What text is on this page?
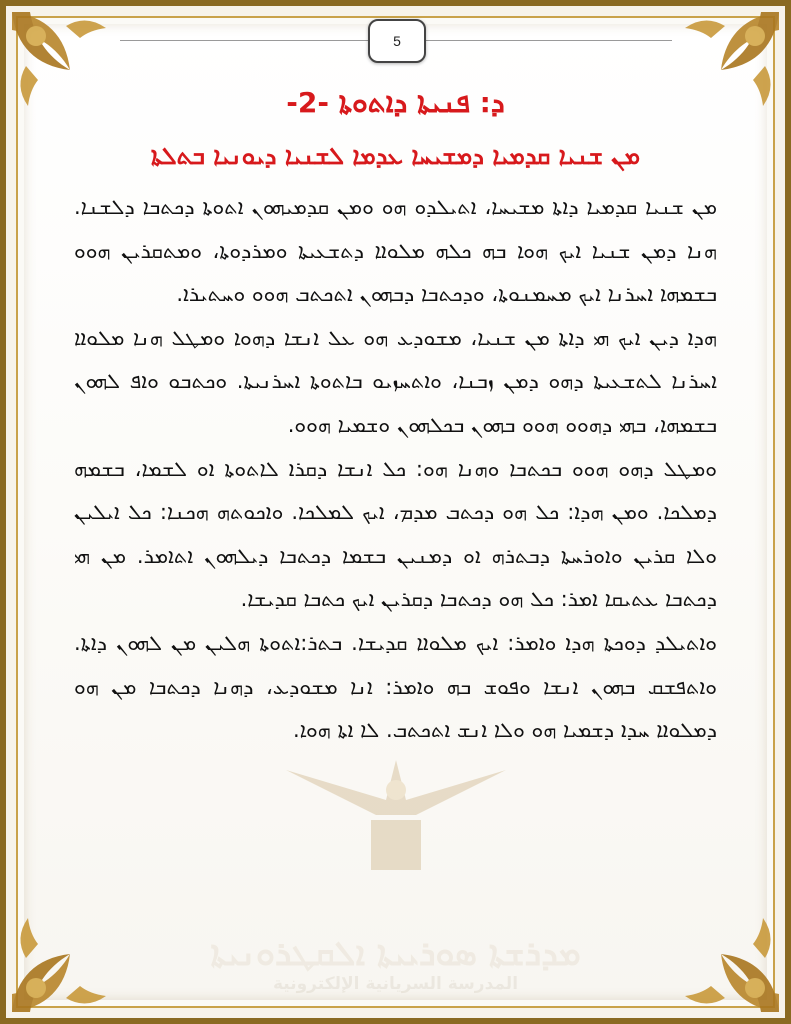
5
ܕ: ܦܢܝܬܐ ܕܐܬܘܬܐ -2-
ܡܢ ܫܢܝܐ ܩܕܡܝܐ ܕܡܫܝܚܐ ܥܕܡܐ ܠܫܢܝܐ ܕܝܘܢܝܐ ܒܬܠܬܐ

ܡܢ ܫܢܝܐ ܩܕܡܝܐ ܕܐܬܐ ܡܫܝܚܐ، ܐܬܝܠܕܘ ܗܘ ܘܡܢ ܩܕܡܝܗܘܢ ܐܬܘܬܐ ܕܟܬܒܐ ܕܠܫܢܐ. ܗܢܐ ܕܡܢ ܫܢܝܐ ܐܝܟ ܗܘܐ ܒܗ ܟܠܗ ܡܠܘܐܐ ܕܬܫܥܝܬܐ ܘܡܪܕܘܬܐ، ܘܡܬܩܪܝܢ ܗܘܘ ܒܫܡܗܐ ܐܚܪܢܐ ܐܝܟ ܡܚܡܢܘܬܐ، ܘܕܟܬܒܐ ܕܒܗܘܢ ܐܬܟܬܒ ܗܘܘ ܘܚܬܝܪܐ.

ܗܕܐ ܕܝܢ ܐܝܟ ܗܝ ܕܐܬܐ ܡܢ ܫܢܝܐ، ܡܫܘܕܥ ܗܘ ܥܠ ܐܢܫܐ ܕܗܘܐ ܘܡܛܠ ܗܢܐ ܡܠܘܐܐ ܐܚܪܢܐ ܠܬܫܥܝܬܐ ܕܗܘ ܕܡܢ ܙܒܢܐ، ܘܐܬܚܙܝܘ ܒܐܬܘܬܐ ܐܚܪܢܝܬܐ. ܘܟܬܒܘ ܘܐܦ ܠܗܘܢ ܒܫܡܗܐ، ܒܗܝ ܕܗܘܘ ܗܘܘ ܒܗܘܢ ܒܟܠܗܘܢ ܘܫܡܝܐ ܗܘܘ.

ܘܡܛܠ ܕܗܘ ܗܘܘ ܒܟܬܒܐ ܘܗܢܐ ܗܘ: ܟܠ ܐܢܫܐ ܕܩܪܐ ܠܐܬܘܬܐ ܐܘ ܠܫܡܐ، ܒܫܡܗ ܕܡܠܟܐ. ܘܡܢ ܗܕܐ: ܟܠ ܗܘ ܕܟܬܒ ܡܕܡ، ܐܝܟ ܠܡܠܟܐ. ܘܐܟܘܬܗ ܗܟܢܐ: ܟܠ ܐܝܠܝܢ ܘܠܐ ܩܪܝܢ ܘܐܘܪܚܬܐ ܕܒܬܪܗ ܐܘ ܕܡܢܝܢ ܒܫܡܐ ܕܟܬܒܐ ܕܝܠܗܘܢ ܐܬܐܡܪ. ܡܢ ܗܝ ܕܟܬܒܐ ܥܬܝܩܐ ܐܡܪ: ܟܠ ܗܘ ܕܟܬܒܐ ܕܩܪܝܢ ܐܝܟ ܟܬܒܐ ܩܕܝܫܐ.

ܘܐܬܝܠܕ ܕܘܟܬܐ ܗܕܐ ܘܐܡܪ: ܐܝܟ ܡܠܘܐܐ ܩܕܝܫܐ. ܒܬܪ:ܐܬܘܬܐ ܗܠܝܢ ܡܢ ܠܗܘܢ ܕܐܬܐ. ܘܐܬܦܫܩ ܒܗܘܢ ܐܢܫܐ ܘܦܘܫ ܒܗ ܘܐܡܪ: ܐܢܐ ܡܫܘܕܥ، ܕܗܢܐ ܕܟܬܒܐ ܡܢ ܗܘ ܕܡܠܘܐܐ ܚܕܐ ܕܫܡܝܐ ܗܘ ܘܠܐ ܐܢܫ ܐܬܟܬܒ. ܠܐ ܐܬܐ ܗܘܐ.
